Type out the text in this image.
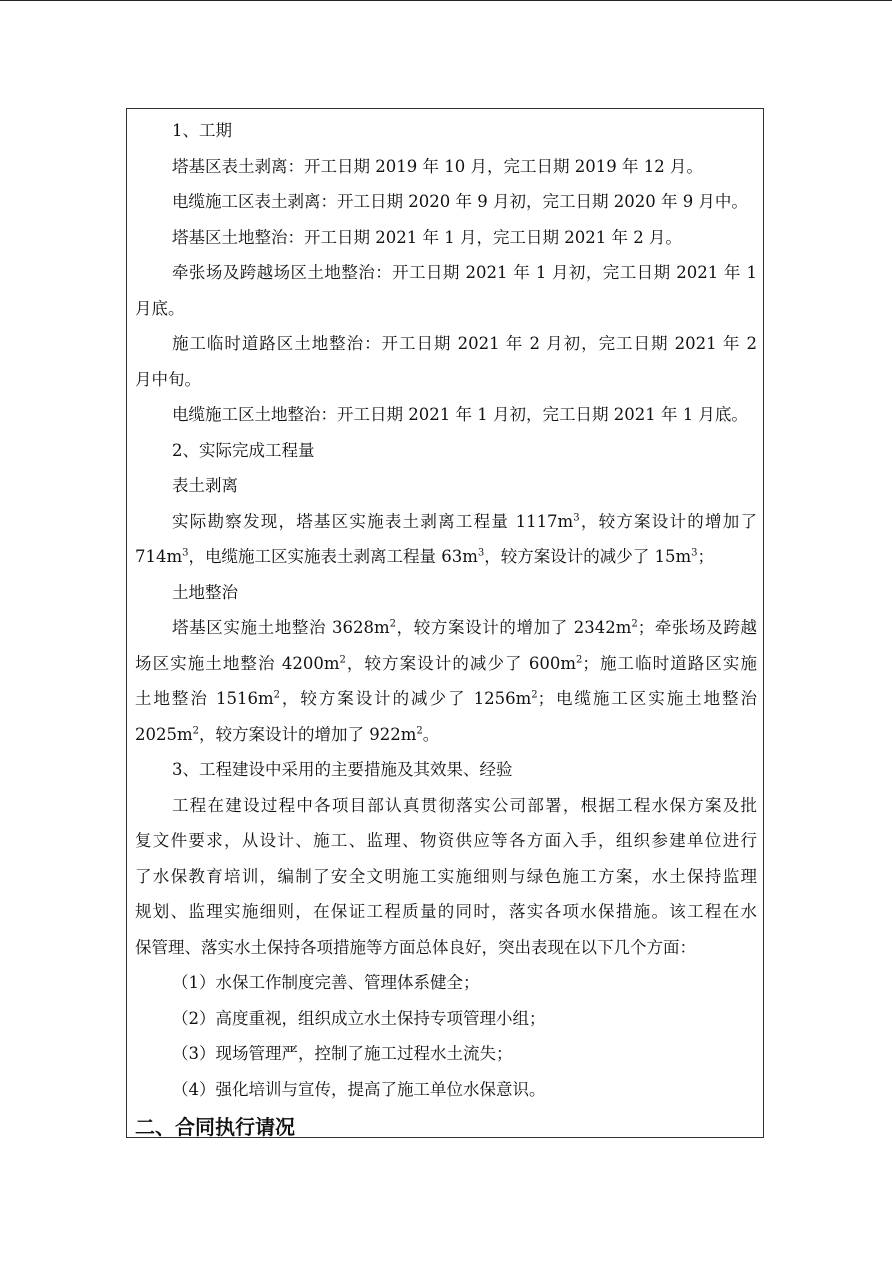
1、工期

塔基区表土剥离：开工日期 2019 年 10 月，完工日期 2019 年 12 月。

电缆施工区表土剥离：开工日期 2020 年 9 月初，完工日期 2020 年 9 月中。

塔基区土地整治：开工日期 2021 年 1 月，完工日期 2021 年 2 月。

牵张场及跨越场区土地整治：开工日期 2021 年 1 月初，完工日期 2021 年 1

月底。

施工临时道路区土地整治：开工日期 2021 年 2 月初，完工日期 2021 年 2

月中旬。

电缆施工区土地整治：开工日期 2021 年 1 月初，完工日期 2021 年 1 月底。

2、实际完成工程量

表土剥离

实际勘察发现，塔基区实施表土剥离工程量 $1117m^3$，较方案设计的增加了

$714m^3$，电缆施工区实施表土剥离工程量 $63m^3$，较方案设计的减少了 $15m^3$；

土地整治

塔基区实施土地整治 $3628m^2$，较方案设计的增加了 $2342m^2$；牵张场及跨越

场区实施土地整治 $4200m^2$，较方案设计的减少了 $600m^2$；施工临时道路区实施

土地整治 $1516m^2$，较方案设计的减少了 $1256m^2$；电缆施工区实施土地整治

$2025m^2$，较方案设计的增加了 $922m^2$。

3、工程建设中采用的主要措施及其效果、经验

工程在建设过程中各项目部认真贯彻落实公司部署，根据工程水保方案及批

复文件要求，从设计、施工、监理、物资供应等各方面入手，组织参建单位进行

了水保教育培训，编制了安全文明施工实施细则与绿色施工方案，水土保持监理

规划、监理实施细则，在保证工程质量的同时，落实各项水保措施。该工程在水

保管理、落实水土保持各项措施等方面总体良好，突出表现在以下几个方面：

（1）水保工作制度完善、管理体系健全；

（2）高度重视，组织成立水土保持专项管理小组；

（3）现场管理严，控制了施工过程水土流失；

（4）强化培训与宣传，提高了施工单位水保意识。

二、合同执行请况
